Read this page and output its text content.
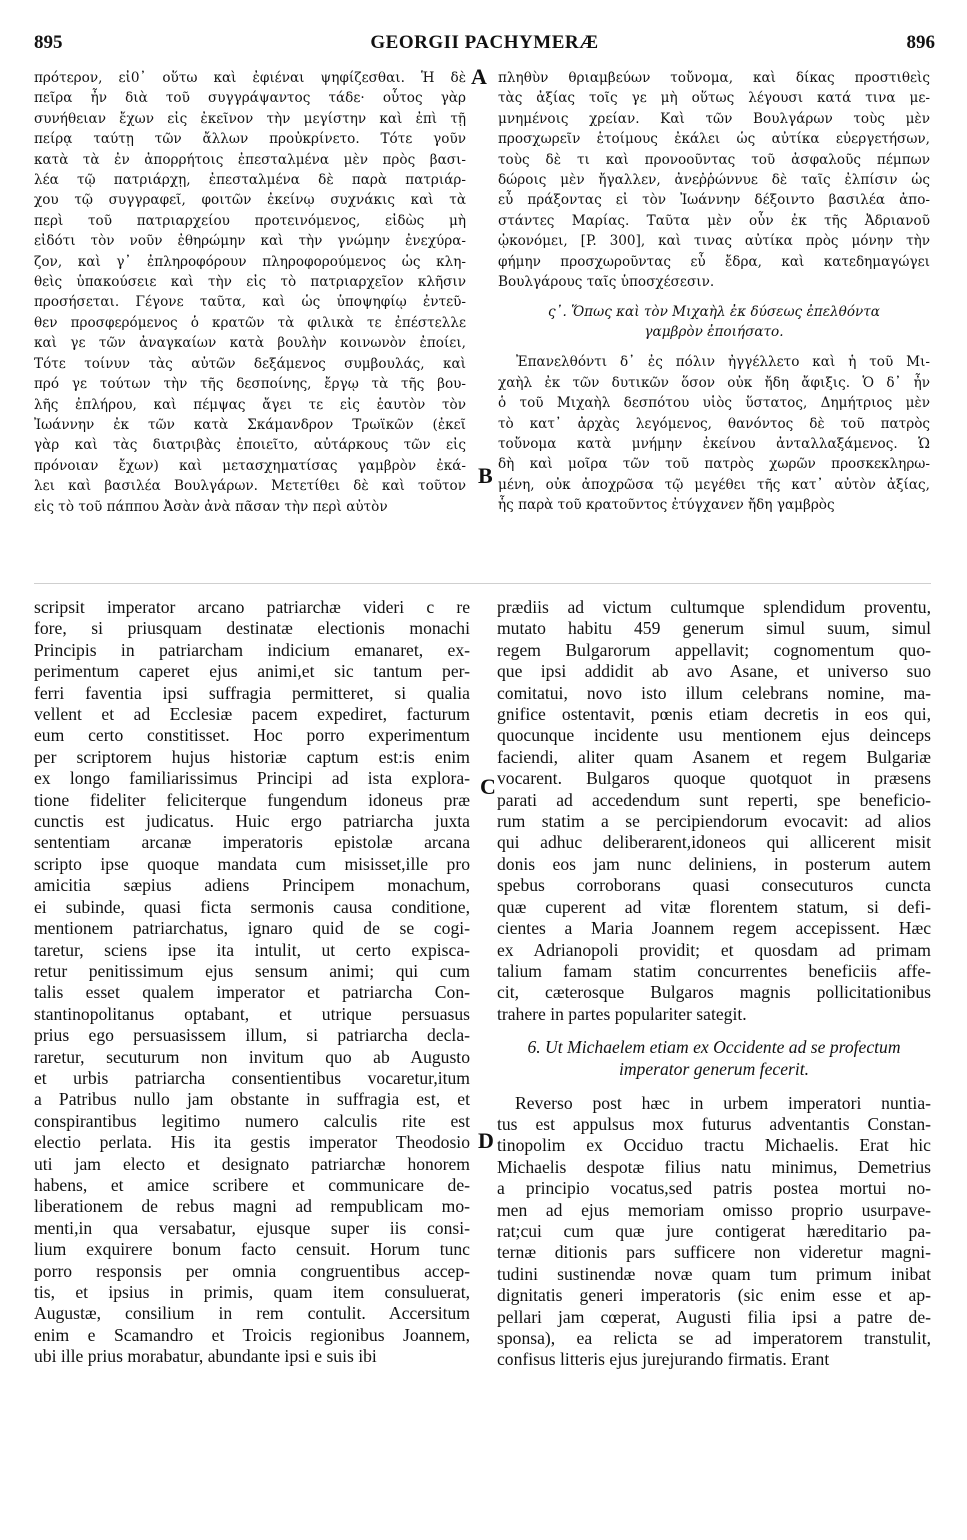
895	GEORGII PACHYMERÆ	896
πρότερον, εἰ0᾽ οὕτω καὶ ἐφιέναι ψηφίζεσθαι. Ἡ δὲ
πεῖρα ἦν διὰ τοῦ συγγράψαντος τάδε· οὗτος γὰρ
συνήθειαν ἔχων εἰς ἐκεῖνον τὴν μεγίστην καὶ ἐπὶ τῇ
πείρᾳ ταύτῃ τῶν ἄλλων προὐκρίνετο. Τότε γοῦν
κατὰ τὰ ἐν ἀπορρήτοις ἐπεσταλμένα μὲν πρὸς βασι-
λέα τῷ πατριάρχῃ, ἐπεσταλμένα δὲ παρὰ πατριάρ-
χου τῷ συγγραφεῖ, φοιτῶν ἐκείνῳ συχνάκις καὶ τὰ
περὶ τοῦ πατριαρχείου προτεινόμενος, εἰδὼς μὴ
εἰδότι τὸν νοῦν ἐθηρώμην καὶ τὴν γνώμην ἐνεχύρα-
ζον, καὶ γ᾽ ἐπληροφόρουν πληροφορούμενος ὡς κλη-
θεὶς ὑπακούσειε καὶ τὴν εἰς τὸ πατριαρχεῖον κλῆσιν
προσήσεται. Γέγονε ταῦτα, καὶ ὡς ὑποψηφίῳ ἐντεῦ-
θεν προσφερόμενος ὁ κρατῶν τὰ φιλικὰ τε ἐπέστελλε
καὶ γε τῶν ἀναγκαίων κατὰ βουλὴν κοινωνὸν ἐποίει,
Τότε τοίνυν τὰς αὐτῶν δεξάμενος συμβουλάς, καὶ
πρό γε τούτων τὴν τῆς δεσποίνης, ἔργῳ τὰ τῆς βου-
λῆς ἐπλήρου, καὶ πέμψας ἄγει τε εἰς ἑαυτὸν τὸν
Ἰωάννην ἐκ τῶν κατὰ Σκάμανδρον Τρωϊκῶν (ἐκεῖ
γὰρ καὶ τὰς διατριβὰς ἐποιεῖτο, αὐτάρκους τῶν εἰς
πρόνοιαν ἔχων) καὶ μετασχηματίσας γαμβρὸν ἐκά-
λει καὶ βασιλέα Βουλγάρων. Μετετίθει δὲ καὶ τοῦτον
εἰς τὸ τοῦ πάππου Ἀσὰν ἀνὰ πᾶσαν τὴν περὶ αὐτὸν
πληθὺν θριαμβεύων τοὔνομα, καὶ δίκας προστιθεὶς
τὰς ἀξίας τοῖς γε μὴ οὕτως λέγουσι κατά τινα με-
μνημένοις χρείαν. Καὶ τῶν Βουλγάρων τοὺς μὲν
προσχωρεῖν ἑτοίμους ἐκάλει ὡς αὐτίκα εὐεργετήσων,
τοὺς δὲ τι καὶ προνοοῦντας τοῦ ἀσφαλοῦς πέμπων
δώροις μὲν ἤγαλλεν, ἀνεῤῥώννυε δὲ ταῖς ἐλπίσιν ὡς
εὖ πράξοντας εἰ τὸν Ἰωάννην δέξοιντο βασιλέα ἀπο-
στάντες Μαρίας. Ταῦτα μὲν οὖν ἐκ τῆς Ἀδριανοῦ
ᾠκονόμει, [P. 300], καὶ τινας αὐτίκα πρὸς μόνην τὴν
φήμην προσχωροῦντας εὖ ἔδρα, καὶ κατεδημαγώγει
Βουλγάρους ταῖς ὑποσχέσεσιν.
ς᾽. Ὅπως καὶ τὸν Μιχαὴλ ἐκ δύσεως ἐπελθόντα
γαμβρὸν ἐποιήσατο.
Ἐπανελθόντι δ᾽ ἐς πόλιν ἠγγέλλετο καὶ ἡ τοῦ Μι-
χαὴλ ἐκ τῶν δυτικῶν ὅσον οὐκ ἤδη ἄφιξις. Ὁ δ᾽ ἦν
ὁ τοῦ Μιχαὴλ δεσπότου υἱὸς ὕστατος, Δημήτριος μὲν
τὸ κατ᾽ ἀρχὰς λεγόμενος, θανόντος δὲ τοῦ πατρὸς
τοὔνομα κατὰ μνήμην ἐκείνου ἀνταλλαξάμενος. Ὡ
δὴ καὶ μοῖρα τῶν τοῦ πατρὸς χωρῶν προσκεκληρω-
μένη, οὐκ ἀποχρῶσα τῷ μεγέθει τῆς κατ᾽ αὐτὸν ἀξίας,
ἧς παρὰ τοῦ κρατοῦντος ἐτύγχανεν ἤδη γαμβρὸς
scripsit imperator arcano patriarchæ videri c re
fore, si priusquam destinatæ electionis monachi
Principis in patriarcham indicium emanaret, ex-
perimentum caperet ejus animi,et sic tantum per-
ferri faventia ipsi suffragia permitteret, si qualia
vellent et ad Ecclesiæ pacem expediret, facturum
eum certo constitisset. Hoc porro experimentum
per scriptorem hujus historiæ captum est:is enim
ex longo familiarissimus Principi ad ista explora-
tione fideliter feliciterque fungendum idoneus præ
cunctis est judicatus. Huic ergo patriarcha juxta
sententiam arcanæ imperatoris epistolæ arcana
scripto ipse quoque mandata cum misisset,ille pro
amicitia sæpius adiens Principem monachum,
ei subinde, quasi ficta sermonis causa conditione,
mentionem patriarchatus, ignaro quid de se cogi-
taretur, sciens ipse ita intulit, ut certo expisca-
retur penitissimum ejus sensum animi; qui cum
talis esset qualem imperator et patriarcha Con-
stantinopolitanus optabant, et utrique persuasus
prius ego persuasissem illum, si patriarcha decla-
raretur, secuturum non invitum quo ab Augusto
et urbis patriarcha consentientibus vocaretur,itum
a Patribus nullo jam obstante in suffragia est, et
conspirantibus legitimo numero calculis rite est
electio perlata. His ita gestis imperator Theodosio
uti jam electo et designato patriarchæ honorem
habens, et amice scribere et communicare de-
liberationem de rebus magni ad rempublicam mo-
menti,in qua versabatur, ejusque super iis consi-
lium exquirere bonum facto censuit. Horum tunc
porro responsis per omnia congruentibus accep-
tis, et ipsius in primis, quam item consuluerat,
Augustæ, consilium in rem contulit. Accersitum
enim e Scamandro et Troicis regionibus Joannem,
ubi ille prius morabatur, abundante ipsi e suis ibi
prædiis ad victum cultumque splendidum proventu,
mutato habitu 459 generum simul suum, simul
regem Bulgarorum appellavit; cognomentum quo-
que ipsi addidit ab avo Asane, et universo suo
comitatui, novo isto illum celebrans nomine, ma-
gnifice ostentavit, pœnis etiam decretis in eos qui,
quocunque incidente usu mentionem ejus deinceps
faciendi, aliter quam Asanem et regem Bulgariæ
vocarent. Bulgaros quoque quotquot in præsens
parati ad accedendum sunt reperti, spe beneficio-
rum statim a se percipiendorum evocavit: ad alios
qui adhuc deliberarent,idoneos qui allicerent misit
donis eos jam nunc deliniens, in posterum autem
spebus corroborans quasi consecuturos cuncta
quæ cuperent ad vitæ florentem statum, si defi-
cientes a Maria Joannem regem accepissent. Hæc
ex Adrianopoli providit; et quosdam ad primam
talium famam statim concurrentes beneficiis affe-
cit, cæterosque Bulgaros magnis pollicitationibus
trahere in partes populariter sategit.
6. Ut Michaelem etiam ex Occidente ad se profectum
imperator generum fecerit.
Reverso post hæc in urbem imperatori nuntia-
tus est appulsus mox futurus adventantis Constan-
tinopolim ex Occiduo tractu Michaelis. Erat hic
Michaelis despotæ filius natu minimus, Demetrius
a principio vocatus,sed patris postea mortui no-
men ad ejus memoriam omisso proprio usurpave-
rat;cui cum quæ jure contigerat hæreditario pa-
ternæ ditionis pars sufficere non videretur magni-
tudini sustinendæ novæ quam tum primum inibat
dignitatis generi imperatoris (sic enim esse et ap-
pellari jam cœperat, Augusti filia ipsi a patre de-
sponsa), ea relicta se ad imperatorem transtulit,
confisus litteris ejus jurejurando firmatis. Erant
A
B
C
D
